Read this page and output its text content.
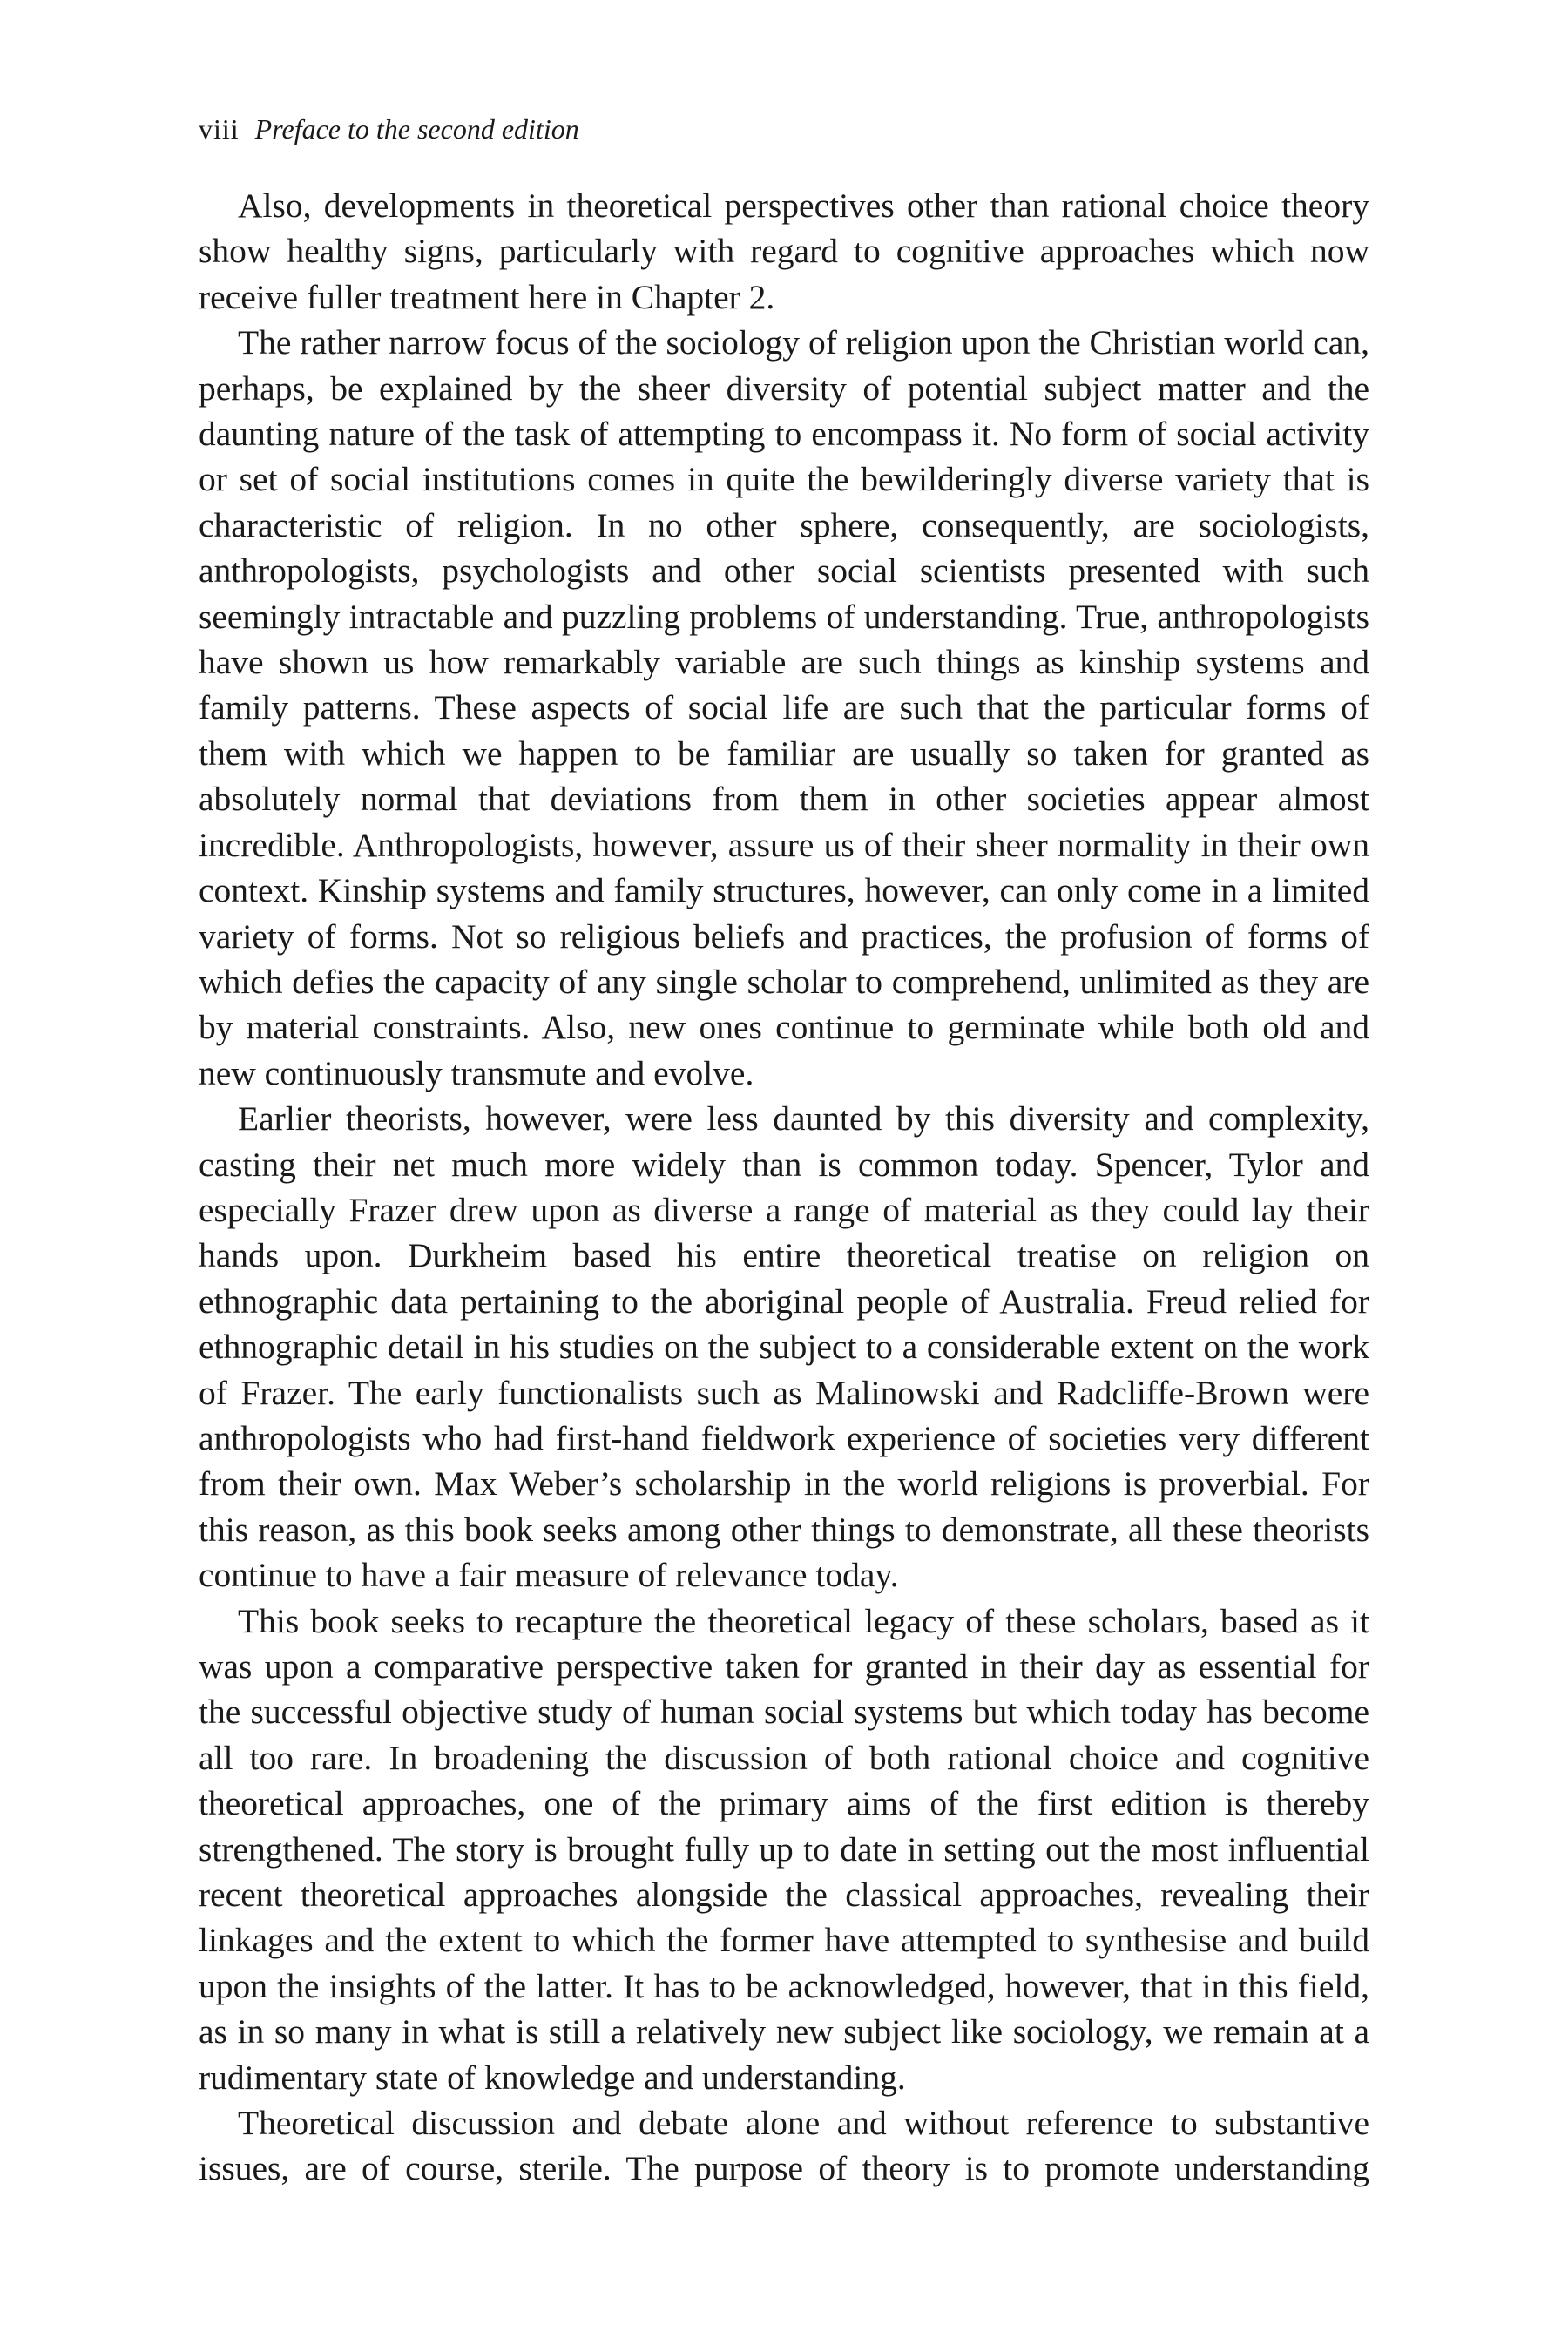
viii Preface to the second edition

Also, developments in theoretical perspectives other than rational choice theory show healthy signs, particularly with regard to cognitive approaches which now receive fuller treatment here in Chapter 2.

The rather narrow focus of the sociology of religion upon the Christian world can, perhaps, be explained by the sheer diversity of potential subject matter and the daunting nature of the task of attempting to encompass it. No form of social activity or set of social institutions comes in quite the bewilderingly diverse variety that is characteristic of religion. In no other sphere, consequently, are sociologists, anthropologists, psychologists and other social scientists presented with such seemingly intractable and puzzling problems of understanding. True, anthropologists have shown us how remarkably variable are such things as kinship systems and family patterns. These aspects of social life are such that the particular forms of them with which we happen to be familiar are usually so taken for granted as absolutely normal that deviations from them in other societies appear almost incredible. Anthropologists, however, assure us of their sheer normality in their own context. Kinship systems and family structures, however, can only come in a limited variety of forms. Not so religious beliefs and practices, the profusion of forms of which defies the capacity of any single scholar to comprehend, unlimited as they are by material constraints. Also, new ones continue to germinate while both old and new continuously transmute and evolve.

Earlier theorists, however, were less daunted by this diversity and complexity, casting their net much more widely than is common today. Spencer, Tylor and especially Frazer drew upon as diverse a range of material as they could lay their hands upon. Durkheim based his entire theoretical treatise on religion on ethnographic data pertaining to the aboriginal people of Australia. Freud relied for ethnographic detail in his studies on the subject to a considerable extent on the work of Frazer. The early functionalists such as Malinowski and Radcliffe-Brown were anthropologists who had first-hand fieldwork experience of societies very different from their own. Max Weber’s scholarship in the world religions is proverbial. For this reason, as this book seeks among other things to demonstrate, all these theorists continue to have a fair measure of relevance today.

This book seeks to recapture the theoretical legacy of these scholars, based as it was upon a comparative perspective taken for granted in their day as essential for the successful objective study of human social systems but which today has become all too rare. In broadening the discussion of both rational choice and cognitive theoretical approaches, one of the primary aims of the first edition is thereby strengthened. The story is brought fully up to date in setting out the most influential recent theoretical approaches alongside the classical approaches, revealing their linkages and the extent to which the former have attempted to synthesise and build upon the insights of the latter. It has to be acknowledged, however, that in this field, as in so many in what is still a relatively new subject like sociology, we remain at a rudimentary state of knowledge and understanding.

Theoretical discussion and debate alone and without reference to substantive issues, are of course, sterile. The purpose of theory is to promote understanding
